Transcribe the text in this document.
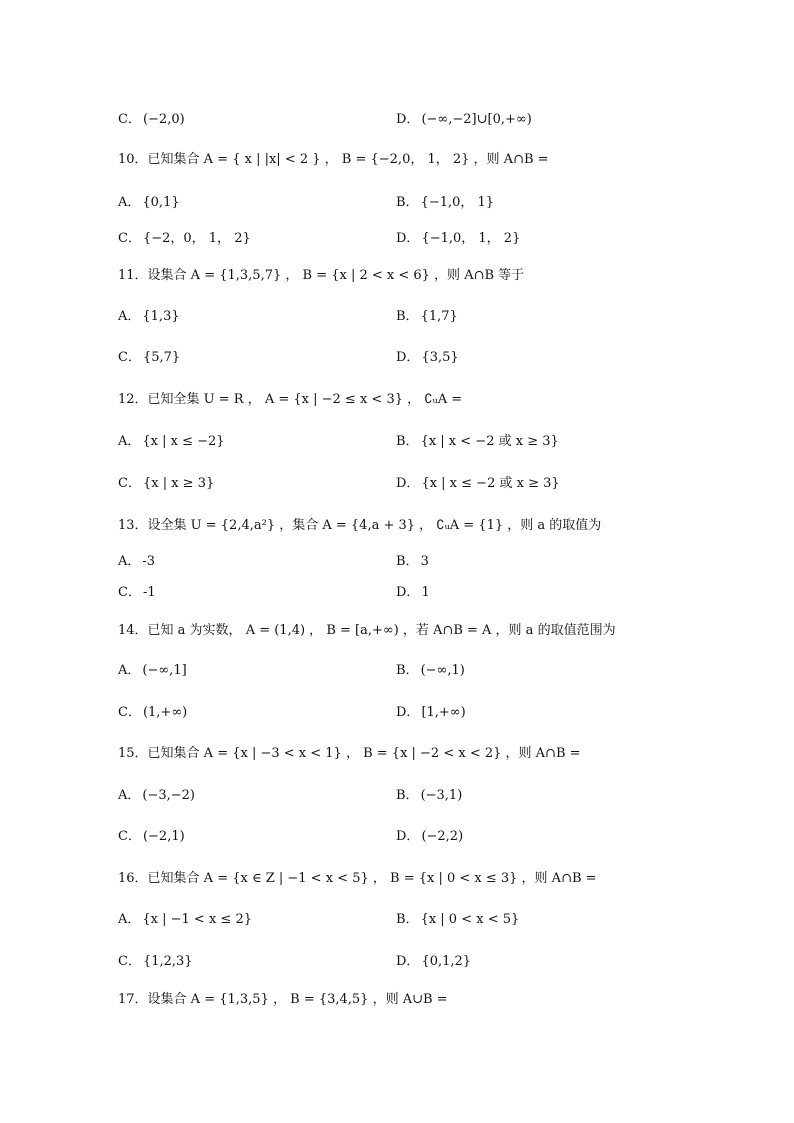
C． (−2,0)	D． (−∞,−2]∪[0,+∞)
10．已知集合 A = { x | |x| < 2 } ， B = {−2,0， 1， 2} ，则 A∩B =
A． {0,1}	B． {−1,0， 1}
C． {−2，0， 1， 2}	D． {−1,0， 1， 2}
11．设集合 A = {1,3,5,7} ， B = {x | 2 < x < 6} ，则 A∩B 等于
A． {1,3}	B． {1,7}
C． {5,7}	D． {3,5}
12．已知全集 U = R ， A = {x | −2 ≤ x < 3} ， ∁ᵤA =
A． {x | x ≤ −2}	B． {x | x < −2 或 x ≥ 3}
C． {x | x ≥ 3}	D． {x | x ≤ −2 或 x ≥ 3}
13．设全集 U = {2,4,a²} ，集合 A = {4,a + 3} ， ∁ᵤA = {1} ，则 a 的取值为
A． -3	B． 3
C． -1	D． 1
14．已知 a 为实数， A = (1,4) ， B = [a,+∞) ，若 A∩B = A ，则 a 的取值范围为
A． (−∞,1]	B． (−∞,1)
C． (1,+∞)	D． [1,+∞)
15．已知集合 A = {x | −3 < x < 1} ， B = {x | −2 < x < 2} ，则 A∩B =
A． (−3,−2)	B． (−3,1)
C． (−2,1)	D． (−2,2)
16．已知集合 A = {x ∈ Z | −1 < x < 5} ， B = {x | 0 < x ≤ 3} ，则 A∩B =
A． {x | −1 < x ≤ 2}	B． {x | 0 < x < 5}
C． {1,2,3}	D． {0,1,2}
17．设集合 A = {1,3,5} ， B = {3,4,5} ，则 A∪B =
